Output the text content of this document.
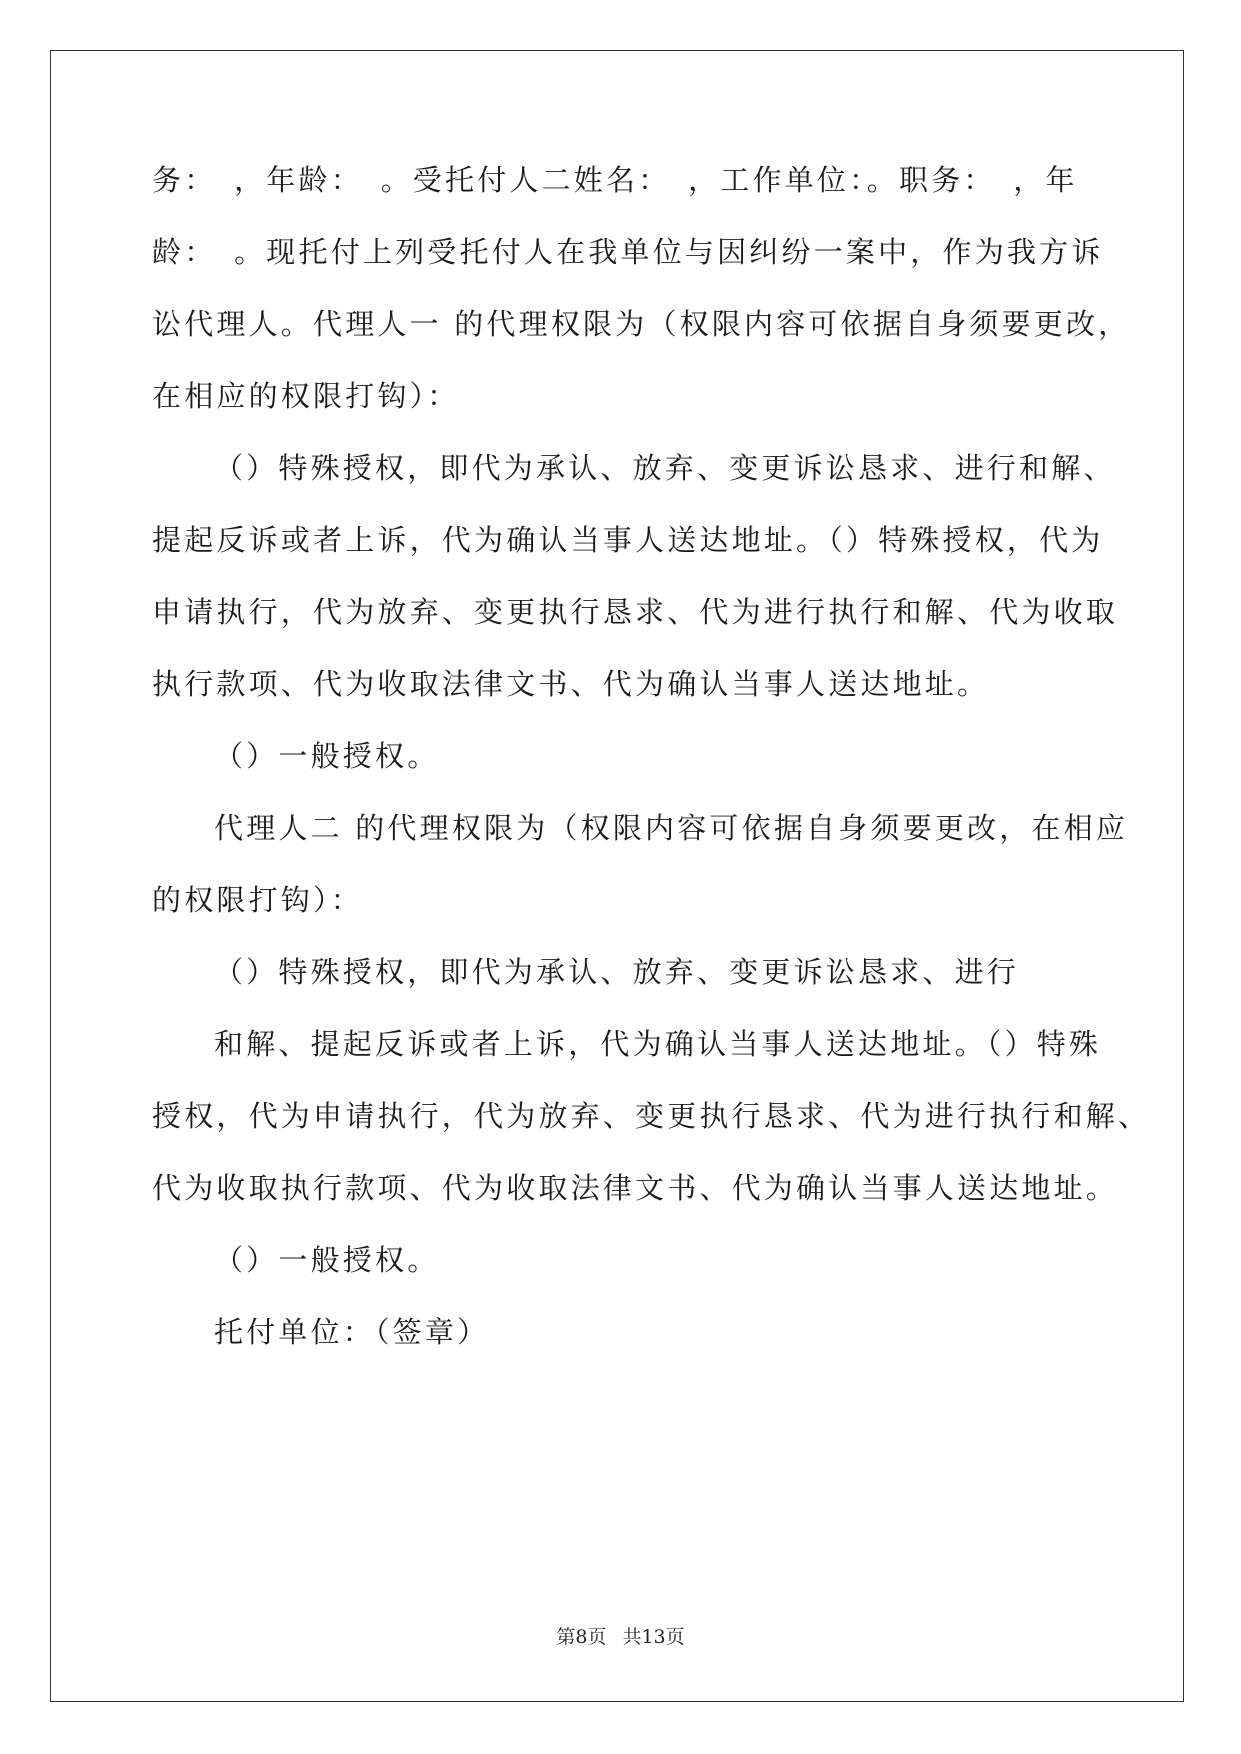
务：　，年龄：　。受托付人二姓名：　，工作单位：。职务：　，年
龄：　。现托付上列受托付人在我单位与因纠纷一案中，作为我方诉
讼代理人。代理人一 的代理权限为（权限内容可依据自身须要更改，
在相应的权限打钩）：
（）特殊授权，即代为承认、放弃、变更诉讼恳求、进行和解、
提起反诉或者上诉，代为确认当事人送达地址。（）特殊授权，代为
申请执行，代为放弃、变更执行恳求、代为进行执行和解、代为收取
执行款项、代为收取法律文书、代为确认当事人送达地址。
（）一般授权。
代理人二 的代理权限为（权限内容可依据自身须要更改，在相应
的权限打钩）：
（）特殊授权，即代为承认、放弃、变更诉讼恳求、进行
和解、提起反诉或者上诉，代为确认当事人送达地址。（）特殊
授权，代为申请执行，代为放弃、变更执行恳求、代为进行执行和解、
代为收取执行款项、代为收取法律文书、代为确认当事人送达地址。
（）一般授权。
托付单位：（签章）
第8页 共13页
